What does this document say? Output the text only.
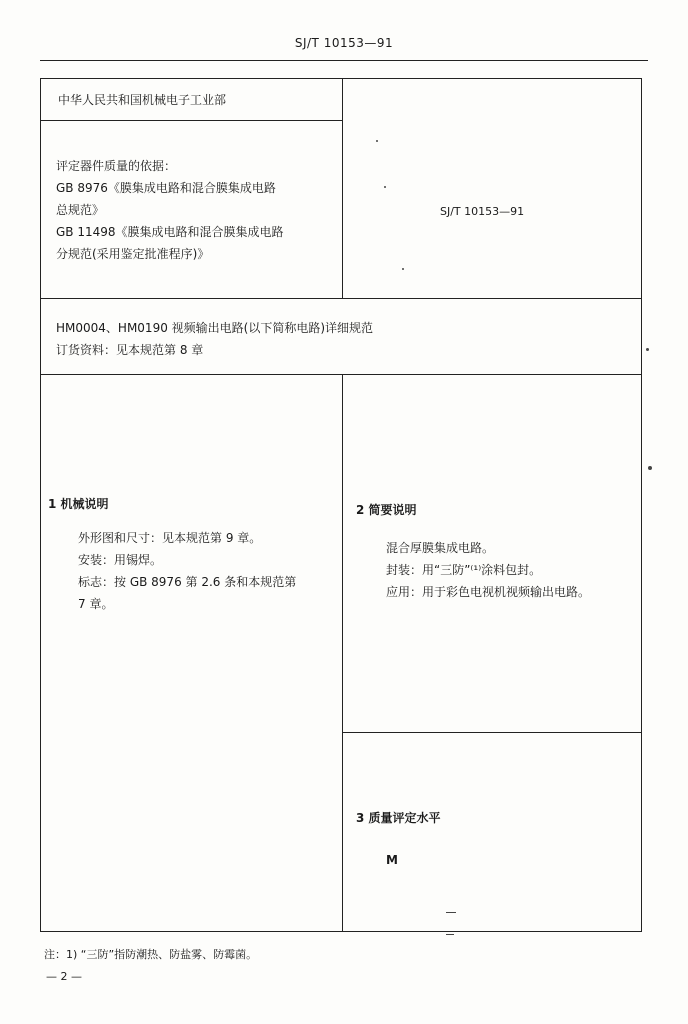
SJ/T 10153—91
中华人民共和国机械电子工业部
评定器件质量的依据：
GB 8976《膜集成电路和混合膜集成电路
总规范》
GB 11498《膜集成电路和混合膜集成电路
分规范(采用鉴定批准程序)》
SJ/T 10153—91
HM0004、HM0190 视频输出电路(以下简称电路)详细规范
订货资料：见本规范第 8 章
1 机械说明
外形图和尺寸：见本规范第 9 章。
安装：用锡焊。
标志：按 GB 8976 第 2.6 条和本规范第
7 章。
2 简要说明
混合厚膜集成电路。
封装：用“三防”⁽¹⁾涂料包封。
应用：用于彩色电视机视频输出电路。
3 质量评定水平
M
注：1) “三防”指防潮热、防盐雾、防霉菌。
— 2 —
